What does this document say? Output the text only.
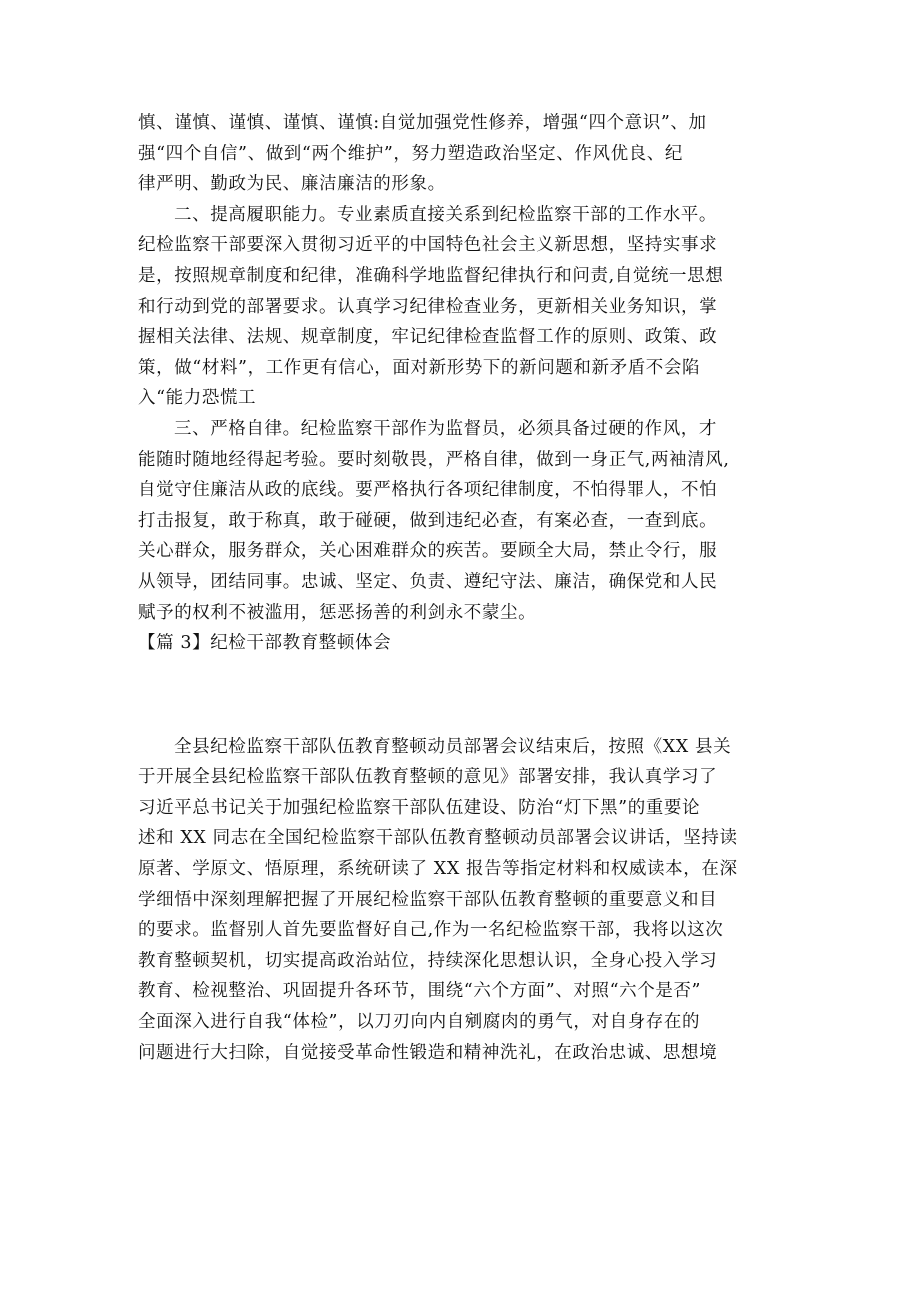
慎、谨慎、谨慎、谨慎、谨慎:自觉加强党性修养，增强“四个意识”、加
强“四个自信”、做到“两个维护”，努力塑造政治坚定、作风优良、纪
律严明、勤政为民、廉洁廉洁的形象。
二、提高履职能力。专业素质直接关系到纪检监察干部的工作水平。
纪检监察干部要深入贯彻习近平的中国特色社会主义新思想，坚持实事求
是，按照规章制度和纪律，准确科学地监督纪律执行和问责,自觉统一思想
和行动到党的部署要求。认真学习纪律检查业务，更新相关业务知识，掌
握相关法律、法规、规章制度，牢记纪律检查监督工作的原则、政策、政
策，做“材料”，工作更有信心，面对新形势下的新问题和新矛盾不会陷
入“能力恐慌工
三、严格自律。纪检监察干部作为监督员，必须具备过硬的作风，才
能随时随地经得起考验。要时刻敬畏，严格自律，做到一身正气,两袖清风,
自觉守住廉洁从政的底线。要严格执行各项纪律制度，不怕得罪人，不怕
打击报复，敢于称真，敢于碰硬，做到违纪必查，有案必查，一查到底。
关心群众，服务群众，关心困难群众的疾苦。要顾全大局，禁止令行，服
从领导，团结同事。忠诚、坚定、负责、遵纪守法、廉洁，确保党和人民
赋予的权利不被滥用，惩恶扬善的利剑永不蒙尘。
【篇 3】纪检干部教育整顿体会
全县纪检监察干部队伍教育整顿动员部署会议结束后，按照《XX 县关
于开展全县纪检监察干部队伍教育整顿的意见》部署安排，我认真学习了
习近平总书记关于加强纪检监察干部队伍建设、防治“灯下黑”的重要论
述和 XX 同志在全国纪检监察干部队伍教育整顿动员部署会议讲话，坚持读
原著、学原文、悟原理，系统研读了 XX 报告等指定材料和权威读本，在深
学细悟中深刻理解把握了开展纪检监察干部队伍教育整顿的重要意义和目
的要求。监督别人首先要监督好自己,作为一名纪检监察干部，我将以这次
教育整顿契机，切实提高政治站位，持续深化思想认识，全身心投入学习
教育、检视整治、巩固提升各环节，围绕“六个方面”、对照“六个是否”
全面深入进行自我“体检”，以刀刃向内自剜腐肉的勇气，对自身存在的
问题进行大扫除，自觉接受革命性锻造和精神洗礼，在政治忠诚、思想境
